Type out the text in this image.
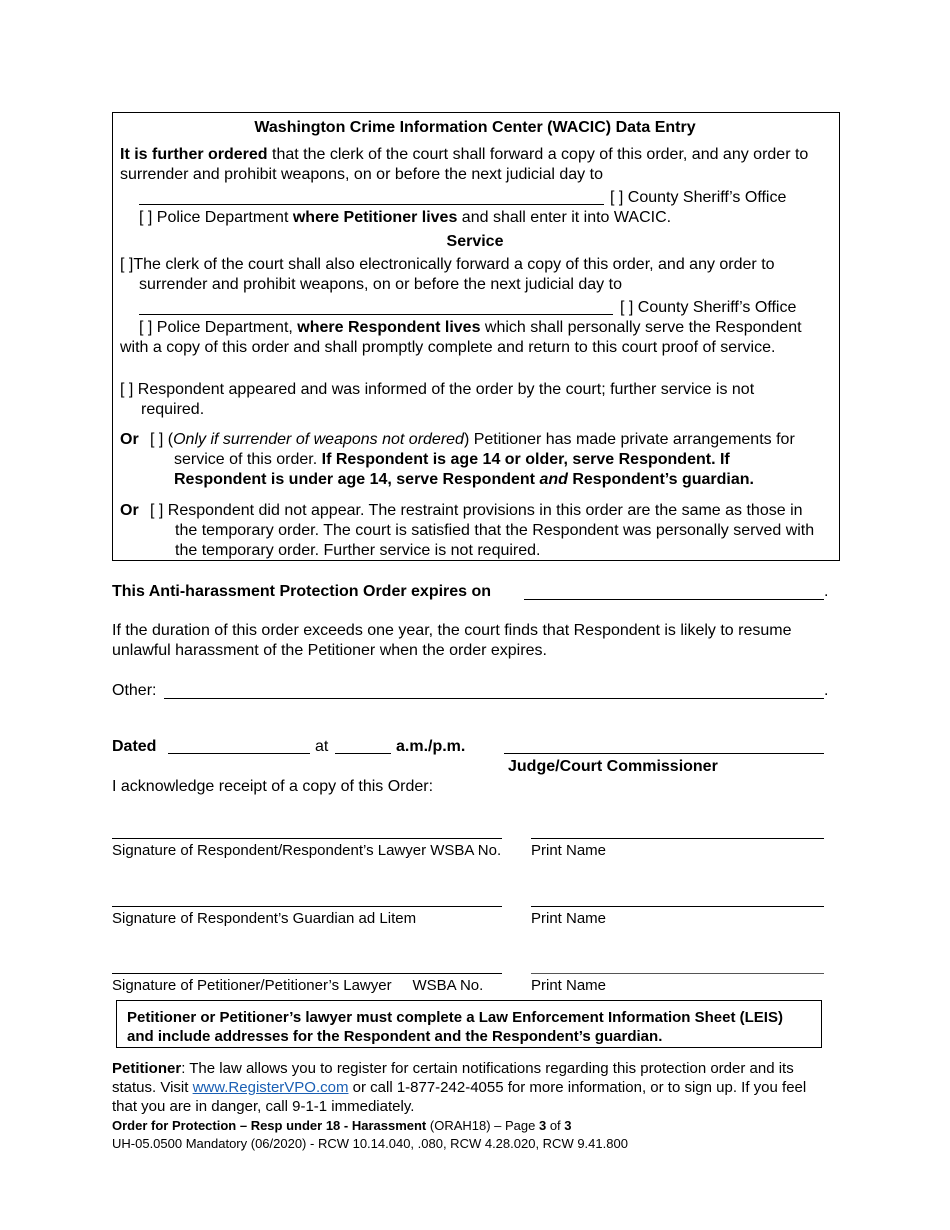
Washington Crime Information Center (WACIC) Data Entry
It is further ordered that the clerk of the court shall forward a copy of this order, and any order to surrender and prohibit weapons, on or before the next judicial day to
[ ] County Sheriff’s Office
[ ] Police Department where Petitioner lives and shall enter it into WACIC.
Service
[ ]The clerk of the court shall also electronically forward a copy of this order, and any order to surrender and prohibit weapons, on or before the next judicial day to
[ ] County Sheriff’s Office
[ ] Police Department, where Respondent lives which shall personally serve the Respondent with a copy of this order and shall promptly complete and return to this court proof of service.
[ ] Respondent appeared and was informed of the order by the court; further service is not required.
Or [ ] (Only if surrender of weapons not ordered) Petitioner has made private arrangements for service of this order. If Respondent is age 14 or older, serve Respondent. If Respondent is under age 14, serve Respondent and Respondent’s guardian.
Or [ ] Respondent did not appear. The restraint provisions in this order are the same as those in the temporary order. The court is satisfied that the Respondent was personally served with the temporary order. Further service is not required.
This Anti-harassment Protection Order expires on	.
If the duration of this order exceeds one year, the court finds that Respondent is likely to resume unlawful harassment of the Petitioner when the order expires.
Other:	.
Dated	at	a.m./p.m.
Judge/Court Commissioner
I acknowledge receipt of a copy of this Order:
Signature of Respondent/Respondent’s Lawyer WSBA No. Print Name
Signature of Respondent’s Guardian ad Litem	Print Name
Signature of Petitioner/Petitioner’s Lawyer     WSBA No.	Print Name
Petitioner or Petitioner’s lawyer must complete a Law Enforcement Information Sheet (LEIS) and include addresses for the Respondent and the Respondent’s guardian.
Petitioner: The law allows you to register for certain notifications regarding this protection order and its status. Visit www.RegisterVPO.com or call 1-877-242-4055 for more information, or to sign up. If you feel that you are in danger, call 9-1-1 immediately.
Order for Protection – Resp under 18 - Harassment (ORAH18) – Page 3 of 3
UH-05.0500 Mandatory (06/2020) - RCW 10.14.040, .080, RCW 4.28.020, RCW 9.41.800
